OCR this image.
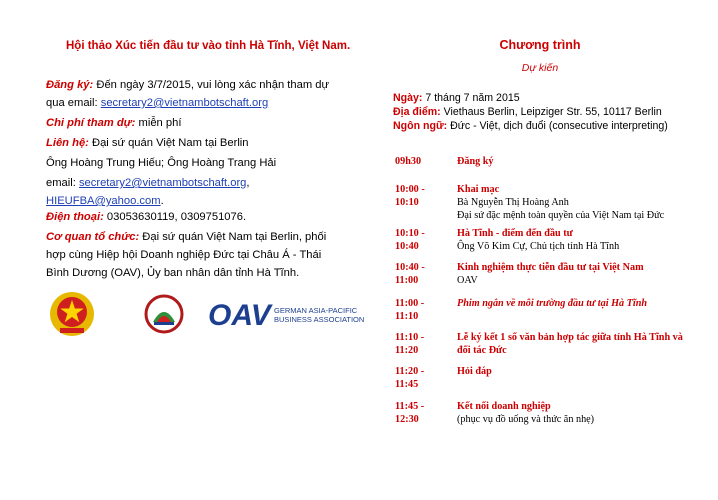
Hội thảo Xúc tiến đầu tư vào tỉnh Hà Tĩnh, Việt Nam.
Đăng ký: Đến ngày 3/7/2015, vui lòng xác nhận tham dự
qua email: secretary2@vietnambotschaft.org
Chi phí tham dự: miễn phí
Liên hệ: Đại sứ quán Việt Nam tại Berlin
Ông Hoàng Trung Hiếu; Ông Hoàng Trang Hải
email: secretary2@vietnambotschaft.org,
HIEUFBA@yahoo.com.
Điện thoại: 03053630119, 0309751076.
Cơ quan tổ chức: Đại sứ quán Việt Nam tại Berlin, phối
hợp cùng Hiệp hội Doanh nghiệp Đức tại Châu Á - Thái
Bình Dương (OAV), Ủy ban nhân dân tỉnh Hà Tĩnh.
OAV GERMAN ASIA-PACIFIC
BUSINESS ASSOCIATION
Chương trình
Dự kiến
Ngày: 7 tháng 7 năm 2015
Địa điểm: Viethaus Berlin, Leipziger Str. 55, 10117 Berlin
Ngôn ngữ: Đức - Việt, dịch đuổi (consecutive interpreting)
09h30	Đăng ký
10:00 -
10:10
Khai mạc
Bà Nguyễn Thị Hoàng Anh
Đại sứ đặc mệnh toàn quyền của Việt Nam tại Đức
10:10 -
10:40
Hà Tĩnh - điểm đến đầu tư
Ông Võ Kim Cự, Chủ tịch tỉnh Hà Tĩnh
10:40 -
11:00
Kinh nghiệm thực tiễn đầu tư tại Việt Nam
OAV
11:00 -
11:10
Phim ngắn về môi trường đầu tư tại Hà Tĩnh
11:10 -
11:20
Lễ ký kết 1 số văn bản hợp tác giữa tỉnh Hà Tĩnh và
đối tác Đức
11:20 -
11:45
Hỏi đáp
11:45 -
12:30
Kết nối doanh nghiệp
(phục vụ đồ uống và thức ăn nhẹ)
